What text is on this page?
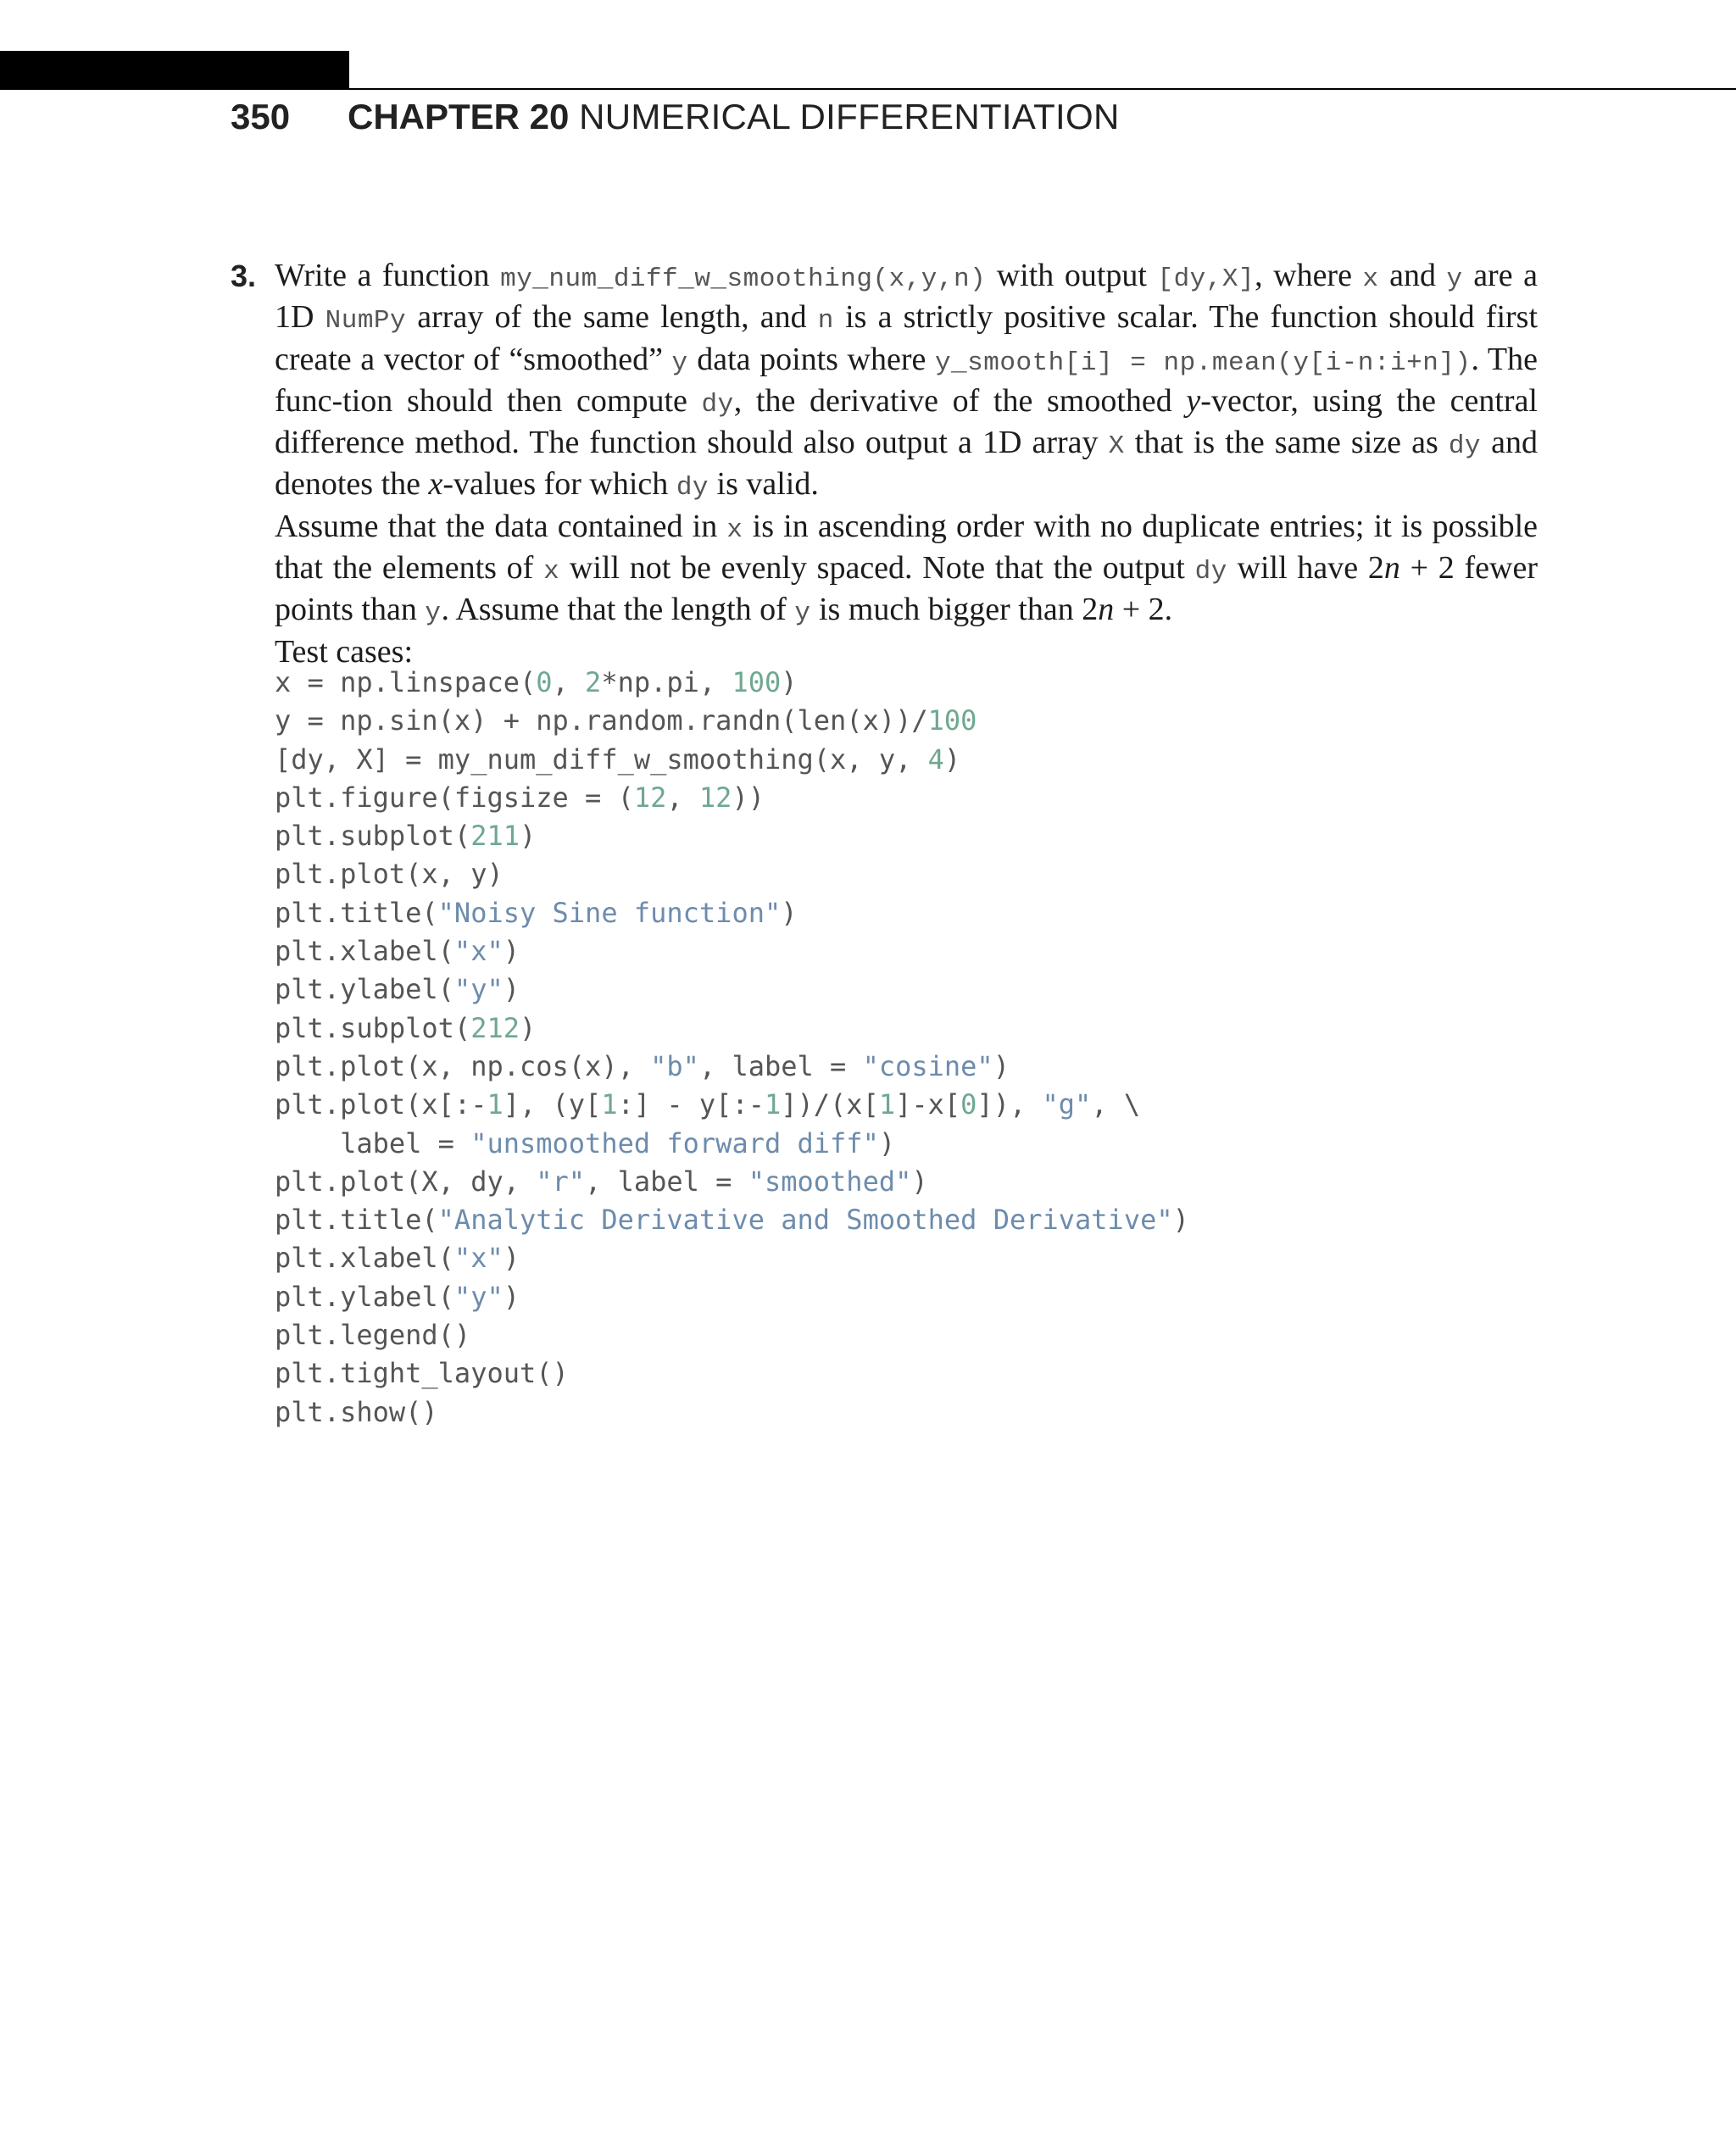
350 CHAPTER 20 NUMERICAL DIFFERENTIATION
3. Write a function my_num_diff_w_smoothing(x,y,n) with output [dy,X], where x and y are a 1D NumPy array of the same length, and n is a strictly positive scalar. The function should first create a vector of “smoothed” y data points where y_smooth[i] = np.mean(y[i-n:i+n]). The func-tion should then compute dy, the derivative of the smoothed y-vector, using the central difference method. The function should also output a 1D array X that is the same size as dy and denotes the x-values for which dy is valid.

Assume that the data contained in x is in ascending order with no duplicate entries; it is possible that the elements of x will not be evenly spaced. Note that the output dy will have 2n + 2 fewer points than y. Assume that the length of y is much bigger than 2n + 2.

Test cases:

x = np.linspace(0, 2*np.pi, 100)
y = np.sin(x) + np.random.randn(len(x))/100
[dy, X] = my_num_diff_w_smoothing(x, y, 4)
plt.figure(figsize = (12, 12))
plt.subplot(211)
plt.plot(x, y)
plt.title("Noisy Sine function")
plt.xlabel("x")
plt.ylabel("y")
plt.subplot(212)
plt.plot(x, np.cos(x), "b", label = "cosine")
plt.plot(x[:-1], (y[1:] - y[:-1])/(x[1]-x[0]), "g", \
label = "unsmoothed forward diff")
plt.plot(X, dy, "r", label = "smoothed")
plt.title("Analytic Derivative and Smoothed Derivative")
plt.xlabel("x")
plt.ylabel("y")
plt.legend()
plt.tight_layout()
plt.show()
